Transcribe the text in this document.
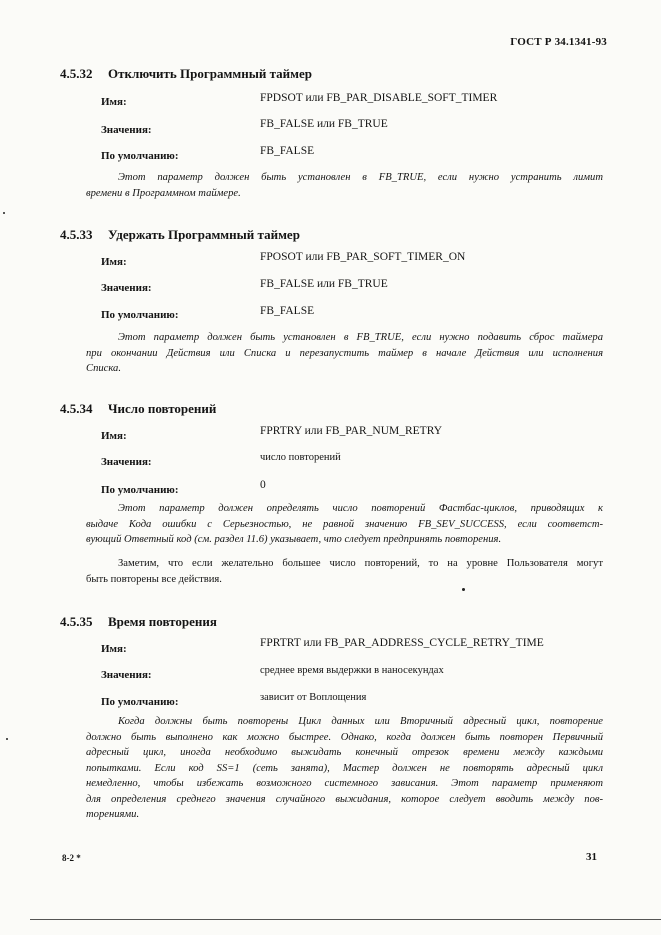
ГОСТ Р 34.1341-93
4.5.32 Отключить Программный таймер
Имя:	FPDSOT или FB_PAR_DISABLE_SOFT_TIMER
Значения:	FB_FALSE или FB_TRUE
По умолчанию:	FB_FALSE
Этот параметр должен быть установлен в FB_TRUE, если нужно устранить лимит
времени в Программном таймере.
4.5.33 Удержать Программный таймер
Имя:	FPOSOT или FB_PAR_SOFT_TIMER_ON
Значения:	FB_FALSE или FB_TRUE
По умолчанию:	FB_FALSE
Этот параметр должен быть установлен в FB_TRUE, если нужно подавить сброс таймера
при окончании Действия или Списка и перезапустить таймер в начале Действия или исполнения
Списка.
4.5.34 Число повторений
Имя:	FPRTRY или FB_PAR_NUM_RETRY
Значения:	число повторений
По умолчанию:	0
Этот параметр должен определять число повторений Фастбас-циклов, приводящих к
выдаче Кода ошибки с Серьезностью, не равной значению FB_SEV_SUCCESS, если соответст-
вующий Ответный код (см. раздел 11.6) указывает, что следует предпринять повторения.
Заметим, что если желательно большее число повторений, то на уровне Пользователя могут
быть повторены все действия.
4.5.35 Время повторения
Имя:	FPRTRT или FB_PAR_ADDRESS_CYCLE_RETRY_TIME
Значения:	среднее время выдержки в наносекундах
По умолчанию:	зависит от Воплощения
Когда должны быть повторены Цикл данных или Вторичный адресный цикл, повторение
должно быть выполнено как можно быстрее. Однако, когда должен быть повторен Первичный
адресный цикл, иногда необходимо выжидать конечный отрезок времени между каждыми
попытками. Если код SS=1 (сеть занята), Мастер должен не повторять адресный цикл
немедленно, чтобы избежать возможного системного зависания. Этот параметр применяют
для определения среднего значения случайного выжидания, которое следует вводить между пов-
торениями.
8-2 *	31
